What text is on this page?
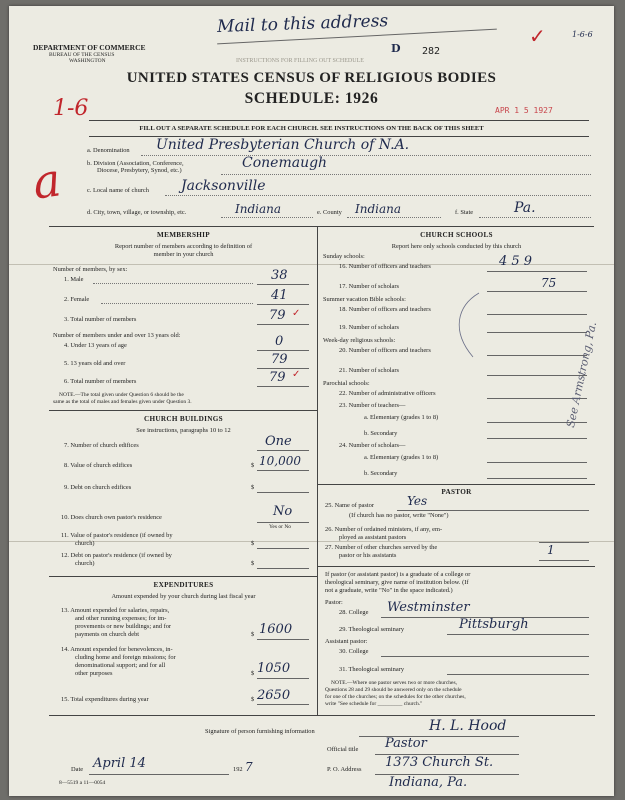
DEPARTMENT OF COMMERCE
BUREAU OF THE CENSUS
WASHINGTON	INSTRUCTIONS FOR FILLING OUT SCHEDULE
UNITED STATES CENSUS OF RELIGIOUS BODIES
SCHEDULE: 1926
Mail to this address	1-6-6
D 282
✓
APR 1 5 1927
FILL OUT A SEPARATE SCHEDULE FOR EACH CHURCH. SEE INSTRUCTIONS ON THE BACK OF THIS SHEET
1-6
a
a. Denomination United Presbyterian Church of N.A.
b. Division (Association, Conference,
Diocese, Presbytery, Synod, etc.)	Conemaugh
c. Local name of church Jacksonville
d. City, town, village, or township, etc.	Indiana	e. County Indiana	f. State	Pa.
MEMBERSHIP
Report number of members according to definition of
member in your church
Number of members, by sex:
1. Male	38
2. Female	41
3. Total number of members	79 ✓
Number of members under and over 13 years old:
4. Under 13 years of age	0
5. 13 years old and over	79
6. Total number of members	79 ✓
NOTE.—The total given under Question 6 should be the
same as the total of males and females given under Question 3.
CHURCH BUILDINGS
See instructions, paragraphs 10 to 12
7. Number of church edifices	One
8. Value of church edifices	$ 10,000
9. Debt on church edifices	$
10. Does church own pastor's residence	No
Yes or No
11. Value of pastor's residence (if owned by
church)	$
12. Debt on pastor's residence (if owned by
church)	$
EXPENDITURES
Amount expended by your church during last fiscal year
13. Amount expended for salaries, repairs,
and other running expenses; for im-
provements or new buildings; and for
payments on church debt	$ 1600
14. Amount expended for benevolences, in-
cluding home and foreign missions; for
denominational support; and for all
other purposes	$ 1050
15. Total expenditures during year	$ 2650
CHURCH SCHOOLS
Report here only schools conducted by this church
Sunday schools:
16. Number of officers and teachers	4 5 9
17. Number of scholars	75
Summer vacation Bible schools:
18. Number of officers and teachers
19. Number of scholars
Week-day religious schools:
20. Number of officers and teachers
21. Number of scholars
Parochial schools:
22. Number of administrative officers
23. Number of teachers—
a. Elementary (grades 1 to 8)
b. Secondary
24. Number of scholars—
a. Elementary (grades 1 to 8)
b. Secondary
PASTOR
25. Name of pastor	Yes
(If church has no pastor, write "None")
26. Number of ordained ministers, if any, em-
ployed as assistant pastors
27. Number of other churches served by the
pastor or his assistants	1
If pastor (or assistant pastor) is a graduate of a college or
theological seminary, give name of institution below. (If
not a graduate, write "No" in the space indicated.)
Pastor:
28. College Westminster
29. Theological seminary	Pittsburgh
Assistant pastor:
30. College
31. Theological seminary
NOTE.—Where one pastor serves two or more churches,
Questions 28 and 29 should be answered only on the schedule
for one of the churches; on the schedules for the other churches,
write "See schedule for _________ church."
See Armstrong, Pa.
Signature of person furnishing information	H. L. Hood
Official title Pastor
Date April 14	192 7	P. O. Address 1373 Church St.
Indiana, Pa.
8—5519 a 11—0054
